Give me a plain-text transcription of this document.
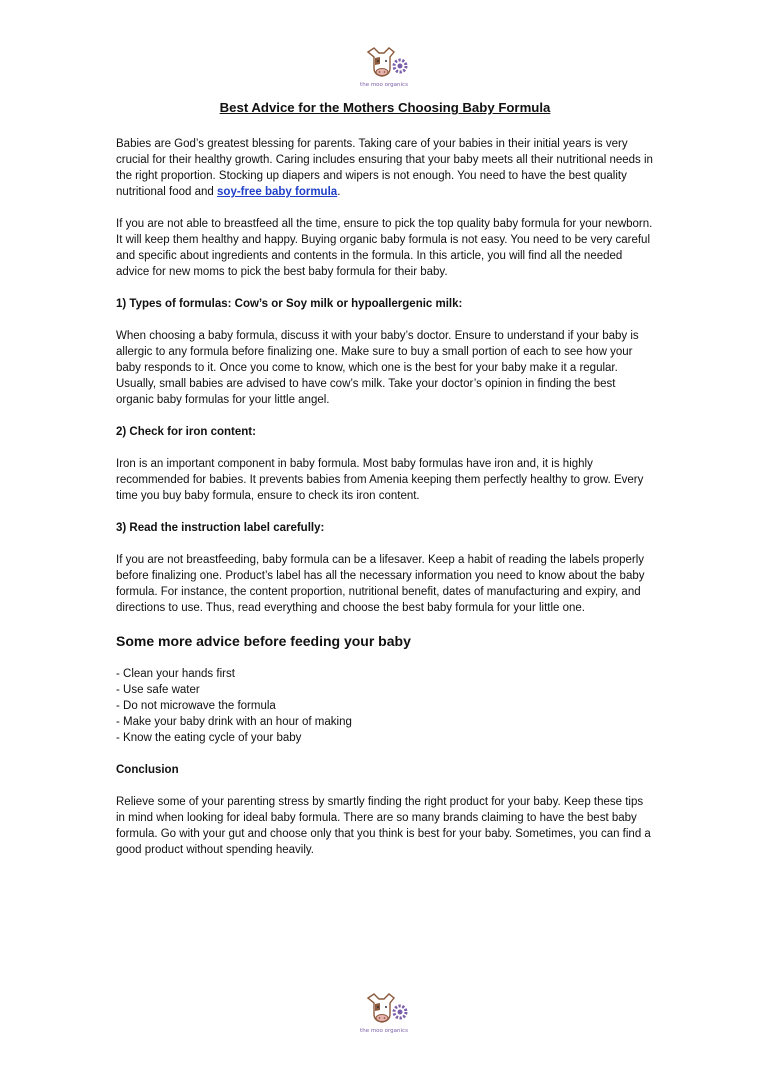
the moo organics
Best Advice for the Mothers Choosing Baby Formula

Babies are God’s greatest blessing for parents. Taking care of your babies in their initial years is very crucial for their healthy growth. Caring includes ensuring that your baby meets all their nutritional needs in the right proportion. Stocking up diapers and wipers is not enough. You need to have the best quality nutritional food and soy-free baby formula.

If you are not able to breastfeed all the time, ensure to pick the top quality baby formula for your newborn. It will keep them healthy and happy. Buying organic baby formula is not easy. You need to be very careful and specific about ingredients and contents in the formula. In this article, you will find all the needed advice for new moms to pick the best baby formula for their baby.

1) Types of formulas: Cow’s or Soy milk or hypoallergenic milk:

When choosing a baby formula, discuss it with your baby’s doctor. Ensure to understand if your baby is allergic to any formula before finalizing one. Make sure to buy a small portion of each to see how your baby responds to it. Once you come to know, which one is the best for your baby make it a regular. Usually, small babies are advised to have cow’s milk. Take your doctor’s opinion in finding the best organic baby formulas for your little angel.

2) Check for iron content:

Iron is an important component in baby formula. Most baby formulas have iron and, it is highly recommended for babies. It prevents babies from Amenia keeping them perfectly healthy to grow. Every time you buy baby formula, ensure to check its iron content.

3) Read the instruction label carefully:

If you are not breastfeeding, baby formula can be a lifesaver. Keep a habit of reading the labels properly before finalizing one. Product’s label has all the necessary information you need to know about the baby formula. For instance, the content proportion, nutritional benefit, dates of manufacturing and expiry, and directions to use. Thus, read everything and choose the best baby formula for your little one.

Some more advice before feeding your baby
- Clean your hands first
- Use safe water
- Do not microwave the formula
- Make your baby drink with an hour of making
- Know the eating cycle of your baby
Conclusion

Relieve some of your parenting stress by smartly finding the right product for your baby. Keep these tips in mind when looking for ideal baby formula. There are so many brands claiming to have the best baby formula. Go with your gut and choose only that you think is best for your baby. Sometimes, you can find a good product without spending heavily.

the moo organics
